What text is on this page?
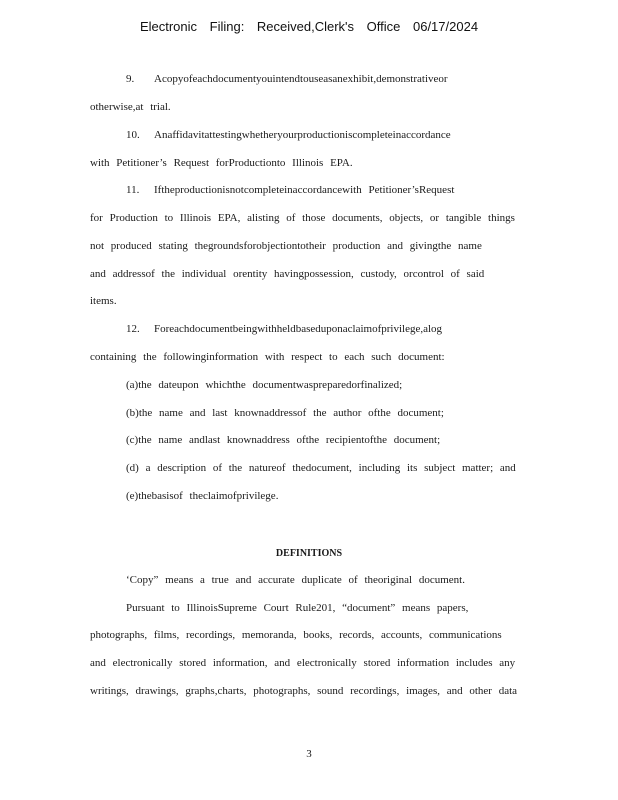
Electronic Filing: Received,Clerk's Office 06/17/2024
9. Acopyofeachdocumentyouintendtouseasanexhibit,demonstrativeor
otherwise,at trial.
10. Anaffidavitattestingwhetheryourproductioniscompleteinaccordance
with Petitioner’s Request forProductionto Illinois EPA.
11. Iftheproductionisnotcompleteinaccordancewith Petitioner’sRequest
for Production to Illinois EPA, alisting of those documents, objects, or tangible things
not produced stating thegroundsforobjectiontotheir production and givingthe name
and addressof the individual orentity havingpossession, custody, orcontrol of said
items.
12. Foreachdocumentbeingwithheldbaseduponaclaimofprivilege,alog
containing the followinginformation with respect to each such document:
(a)the dateupon whichthe documentwaspreparedorfinalized;
(b)the name and last knownaddressof the author ofthe document;
(c)the name andlast knownaddress ofthe recipientofthe document;
(d) a description of the natureof thedocument, including its subject matter; and
(e)thebasisof theclaimofprivilege.
DEFINITIONS
‘Copy” means a true and accurate duplicate of theoriginal document.
Pursuant to IllinoisSupreme Court Rule201, “document” means papers,
photographs, films, recordings, memoranda, books, records, accounts, communications
and electronically stored information, and electronically stored information includes any
writings, drawings, graphs,charts, photographs, sound recordings, images, and other data
3
